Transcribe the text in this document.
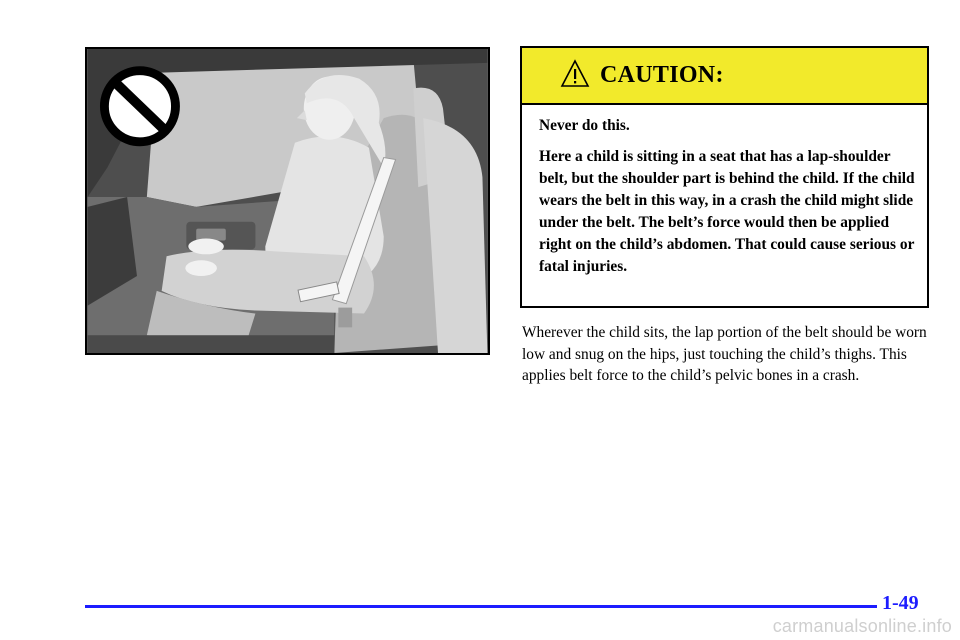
CAUTION:

Never do this.

Here a child is sitting in a seat that has a lap-shoulder belt, but the shoulder part is behind the child. If the child wears the belt in this way, in a crash the child might slide under the belt. The belt’s force would then be applied right on the child’s abdomen. That could cause serious or fatal injuries.

Wherever the child sits, the lap portion of the belt should be worn low and snug on the hips, just touching the child’s thighs. This applies belt force to the child’s pelvic bones in a crash.

1-49
carmanualsonline.info
